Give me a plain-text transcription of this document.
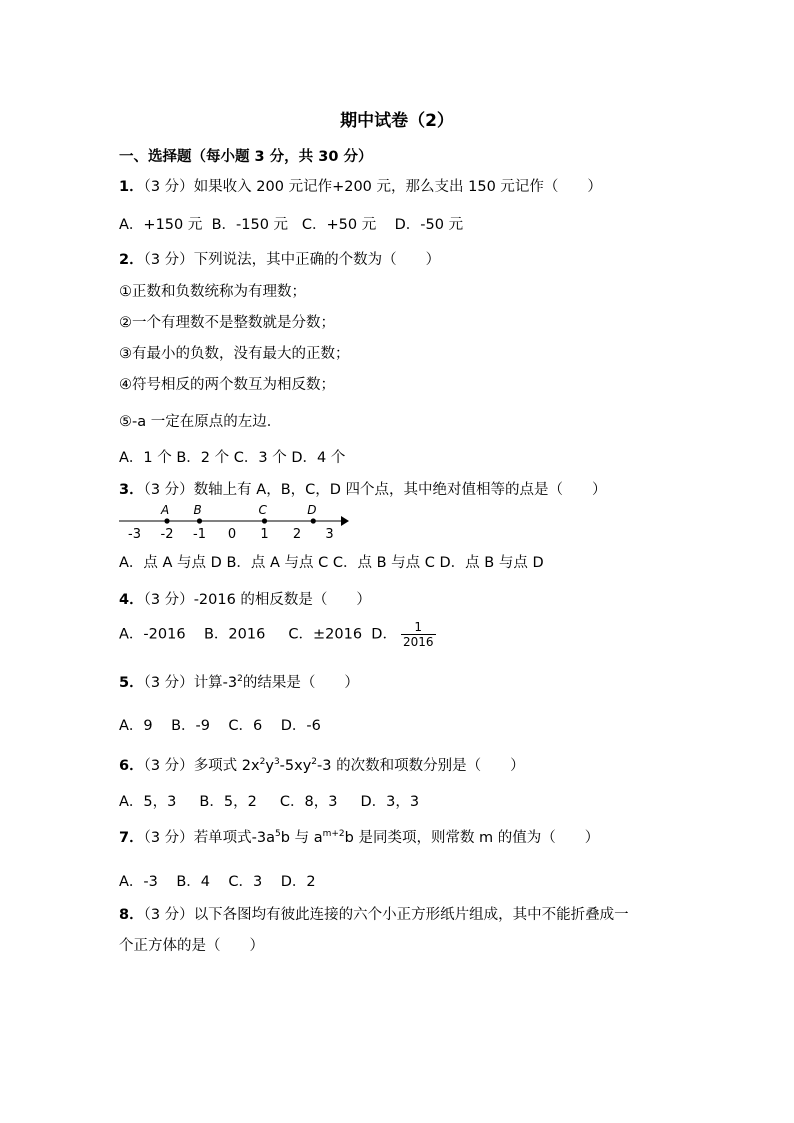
期中试卷（2）
一、选择题（每小题 3 分，共 30 分）
1．（3 分）如果收入 200 元记作+200 元，那么支出 150 元记作（　　）
A．+150 元  B．-150 元   C．+50 元    D．-50 元
2．（3 分）下列说法，其中正确的个数为（　　）
①正数和负数统称为有理数；
②一个有理数不是整数就是分数；
③有最小的负数，没有最大的正数；
④符号相反的两个数互为相反数；
⑤-a 一定在原点的左边．
A．1 个 B．2 个 C．3 个 D．4 个
3．（3 分）数轴上有 A，B，C，D 四个点，其中绝对值相等的点是（　　）
-3 -2 -1 0 1 2 3
A B	C	D
A．点 A 与点 D B．点 A 与点 C C．点 B 与点 C D．点 B 与点 D
4．（3 分）-2016 的相反数是（　　）
A．-2016    B．2016     C．±2016  D． $\frac{1}{2016}$
5．（3 分）计算$-3^2$的结果是（　　）
A．9    B．-9    C．6    D．-6
6．（3 分）多项式 $2x^2y^3-5xy^2-3$ 的次数和项数分别是（　　）
A．5，3     B．5，2     C．8，3     D．3，3
7．（3 分）若单项式$-3a^5b$ 与 $a^{m+2}b$ 是同类项，则常数 m 的值为（　　）
A．-3    B．4    C．3    D．2
8．（3 分）以下各图均有彼此连接的六个小正方形纸片组成，其中不能折叠成一
个正方体的是（　　）
